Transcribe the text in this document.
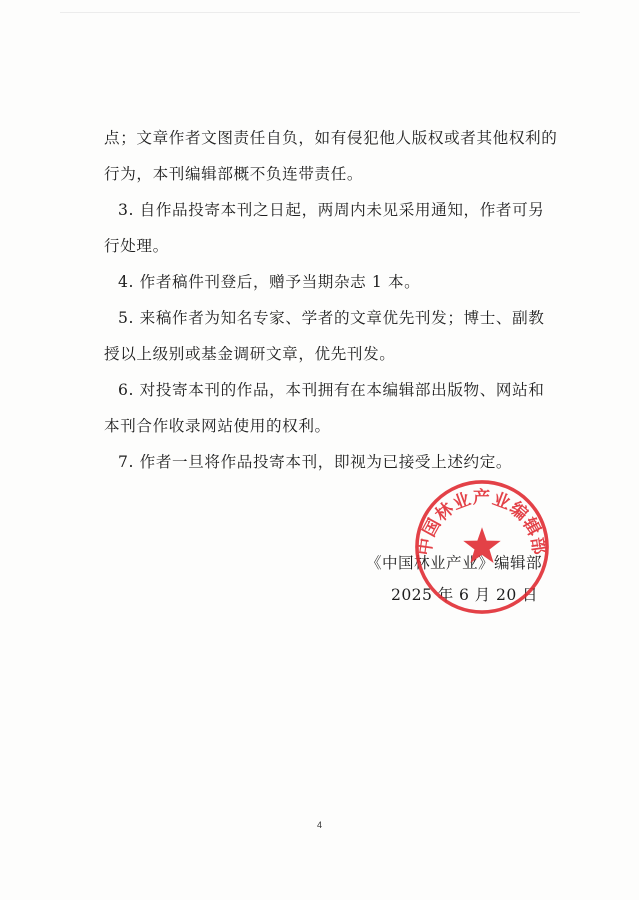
点；文章作者文图责任自负，如有侵犯他人版权或者其他权利的
行为，本刊编辑部概不负连带责任。
3. 自作品投寄本刊之日起，两周内未见采用通知，作者可另
行处理。
4. 作者稿件刊登后，赠予当期杂志 1 本。
5. 来稿作者为知名专家、学者的文章优先刊发；博士、副教
授以上级别或基金调研文章，优先刊发。
6. 对投寄本刊的作品，本刊拥有在本编辑部出版物、网站和
本刊合作收录网站使用的权利。
7. 作者一旦将作品投寄本刊，即视为已接受上述约定。
《中国林业产业》编辑部
2025 年 6 月 20 日
中国林业产业编辑部
4
